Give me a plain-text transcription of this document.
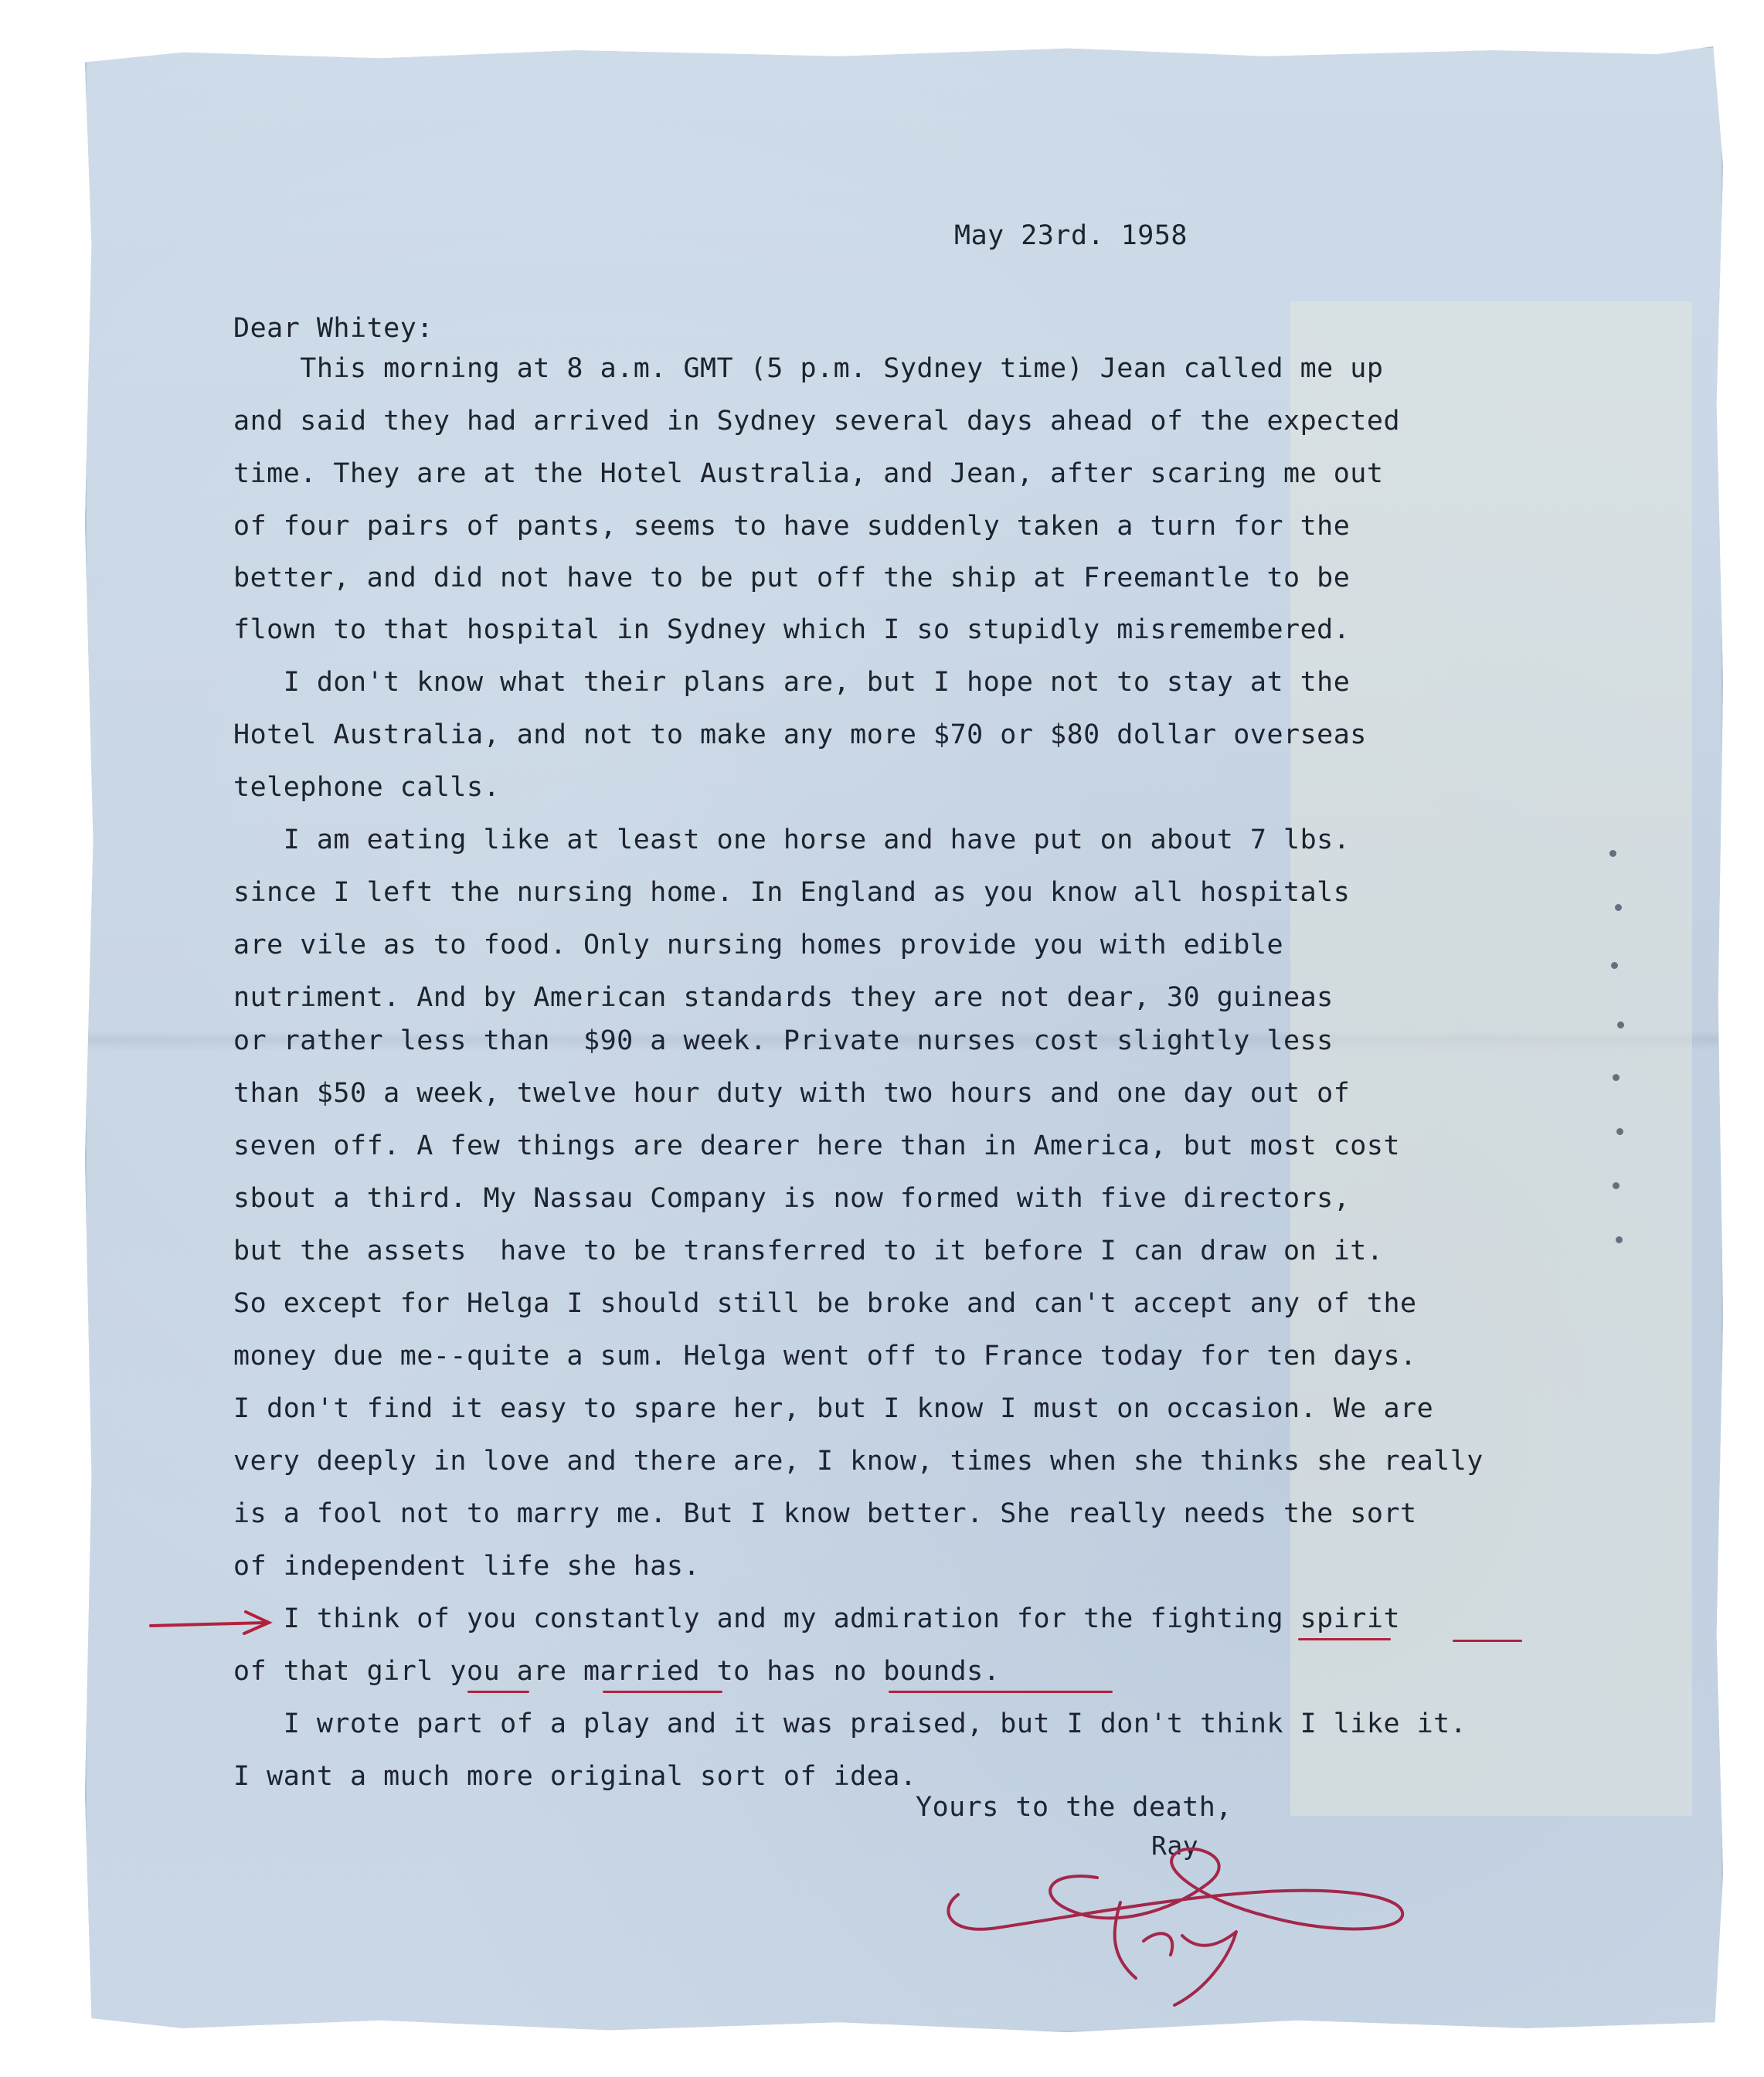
May 23rd. 1958
Dear Whitey:
This morning at 8 a.m. GMT (5 p.m. Sydney time) Jean called me up
and said they had arrived in Sydney several days ahead of the expected
time. They are at the Hotel Australia, and Jean, after scaring me out
of four pairs of pants, seems to have suddenly taken a turn for the
better, and did not have to be put off the ship at Freemantle to be
flown to that hospital in Sydney which I so stupidly misremembered.
I don't know what their plans are, but I hope not to stay at the
Hotel Australia, and not to make any more $70 or $80 dollar overseas
telephone calls.
I am eating like at least one horse and have put on about 7 lbs.
since I left the nursing home. In England as you know all hospitals
are vile as to food. Only nursing homes provide you with edible
nutriment. And by American standards they are not dear, 30 guineas
or rather less than  $90 a week. Private nurses cost slightly less
than $50 a week, twelve hour duty with two hours and one day out of
seven off. A few things are dearer here than in America, but most cost
sbout a third. My Nassau Company is now formed with five directors,
but the assets  have to be transferred to it before I can draw on it.
So except for Helga I should still be broke and can't accept any of the
money due me--quite a sum. Helga went off to France today for ten days.
I don't find it easy to spare her, but I know I must on occasion. We are
very deeply in love and there are, I know, times when she thinks she really
is a fool not to marry me. But I know better. She really needs the sort
of independent life she has.
I think of you constantly and my admiration for the fighting spirit
of that girl you are married to has no bounds.
I wrote part of a play and it was praised, but I don't think I like it.
I want a much more original sort of idea.
Yours to the death,
Ray
